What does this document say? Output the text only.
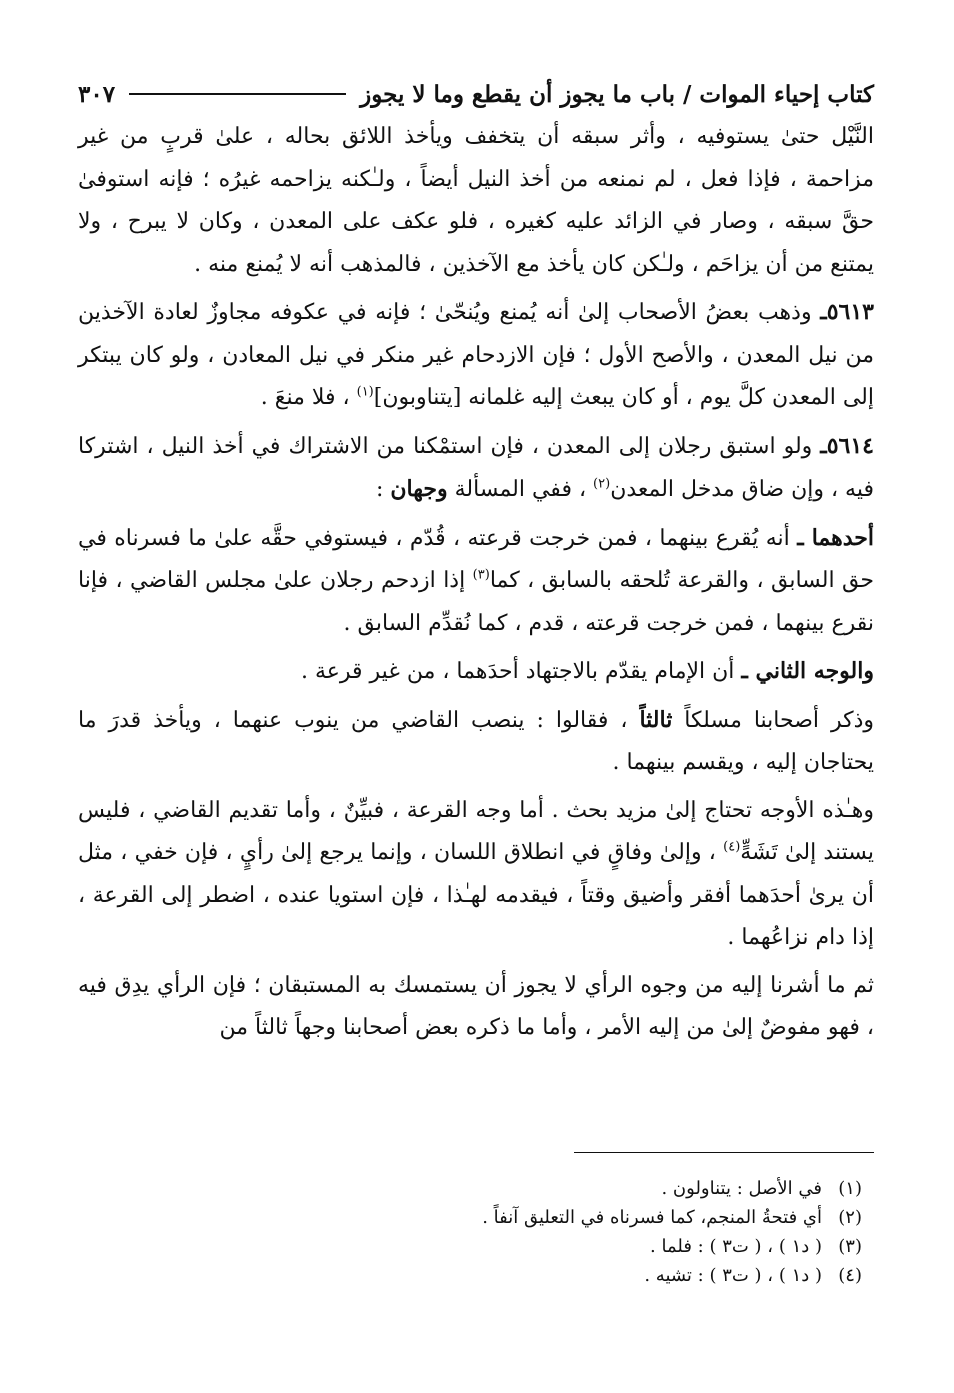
كتاب إحياء الموات / باب ما يجوز أن يقطع وما لا يجوز
٣٠٧

النَّيْل حتىٰ يستوفيه ، وأثر سبقه أن يتخفف ويأخذ اللائق بحاله ، علىٰ قربٍ من غير مزاحمة ، فإذا فعل ، لم نمنعه من أخذ النيل أيضاً ، ولـٰكنه يزاحمه غيرُه ؛ فإنه استوفىٰ حقَّ سبقه ، وصار في الزائد عليه كغيره ، فلو عكف على المعدن ، وكان لا يبرح ، ولا يمتنع من أن يزاحَم ، ولـٰكن كان يأخذ مع الآخذين ، فالمذهب أنه لا يُمنع منه .

٥٦١٣ـ وذهب بعضُ الأصحاب إلىٰ أنه يُمنع ويُنحّىٰ ؛ فإنه في عكوفه مجاوزٌ لعادة الآخذين من نيل المعدن ، والأصح الأول ؛ فإن الازدحام غير منكر في نيل المعادن ، ولو كان يبتكر إلى المعدن كلَّ يوم ، أو كان يبعث إليه غلمانه [يتناوبون]$^{(١)}$ ، فلا منعَ .

٥٦١٤ـ ولو استبق رجلان إلى المعدن ، فإن استمْكنا من الاشتراك في أخذ النيل ، اشتركا فيه ، وإن ضاق مدخل المعدن$^{(٢)}$ ، ففي المسألة وجهان :

أحدهما ـ أنه يُقرع بينهما ، فمن خرجت قرعته ، قُدّم ، فيستوفي حقَّه علىٰ ما فسرناه في حق السابق ، والقرعة تُلحقه بالسابق ، كما$^{(٣)}$ إذا ازدحم رجلان علىٰ مجلس القاضي ، فإنا نقرع بينهما ، فمن خرجت قرعته ، قدم ، كما نُقدِّم السابق .

والوجه الثاني ـ أن الإمام يقدّم بالاجتهاد أحدَهما ، من غير قرعة .

وذكر أصحابنا مسلكاً ثالثاً ، فقالوا : ينصب القاضي من ينوب عنهما ، ويأخذ قدرَ ما يحتاجان إليه ، ويقسم بينهما .

وهـٰذه الأوجه تحتاج إلىٰ مزيد بحث . أما وجه القرعة ، فبيِّنٌ ، وأما تقديم القاضي ، فليس يستند إلىٰ تَشَهٍّ$^{(٤)}$ ، وإلىٰ وفاقٍ في انطلاق اللسان ، وإنما يرجع إلىٰ رأيٍ ، فإن خفي ، مثل أن يرىٰ أحدَهما أفقر وأضيق وقتاً ، فيقدمه لهـٰذا ، فإن استويا عنده ، اضطر إلى القرعة ، إذا دام نزاعُهما .

ثم ما أشرنا إليه من وجوه الرأي لا يجوز أن يستمسك به المستبقان ؛ فإن الرأي يدِق فيه ، فهو مفوضٌ إلىٰ من إليه الأمر ، وأما ما ذكره بعض أصحابنا وجهاً ثالثاً من

(١)
في الأصل : يتناولون .
(٢)
أي فتحةُ المنجم، كما فسرناه في التعليق آنفاً .
(٣)
( د١ ) ، ( ت٣ ) : فلما .
(٤)
( د١ ) ، ( ت٣ ) : تشيه .
